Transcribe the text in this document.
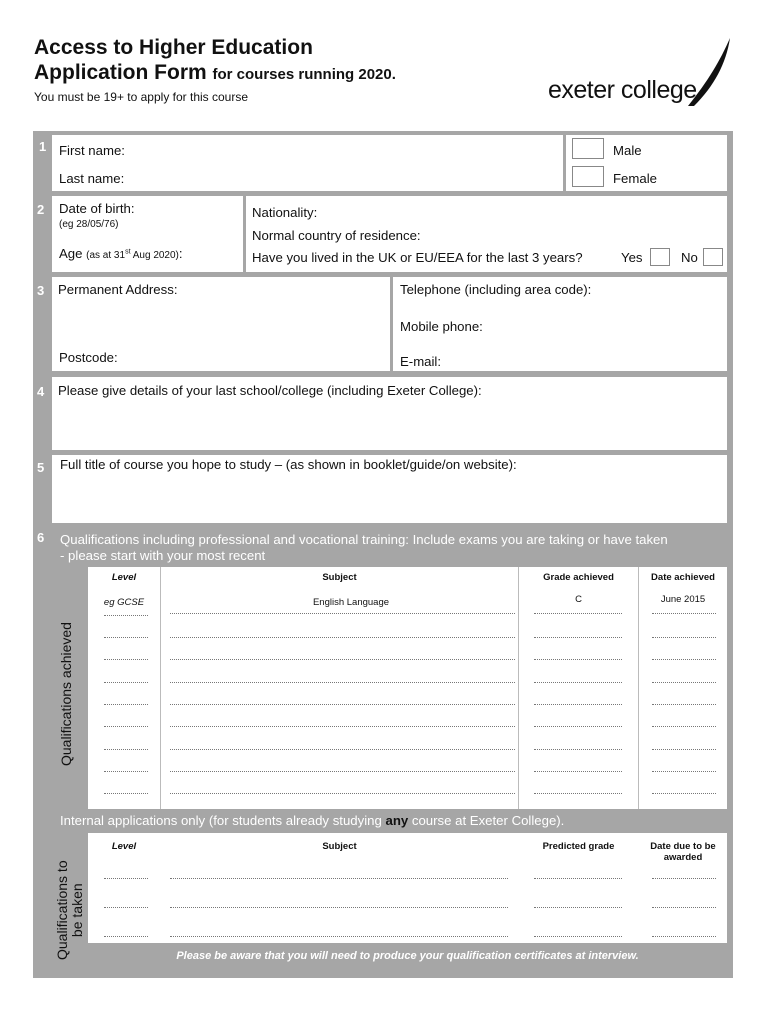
Access to Higher Education
Application Form for courses running 2020.
You must be 19+ to apply for this course	exeter college
1 First name:
Last name:
Male
Female
2 Date of birth:
(eg 28/05/76)
Age (as at 31st Aug 2020):
Nationality:
Normal country of residence:
Have you lived in the UK or EU/EEA for the last 3 years?	Yes	No
3 Permanent Address:
Postcode:
Telephone (including area code):
Mobile phone:
E-mail:
4 Please give details of your last school/college (including Exeter College):
5 Full title of course you hope to study – (as shown in booklet/guide/on website):
6 Qualifications including professional and vocational training: Include exams you are taking or have taken
- please start with your most recent
Qualifications achieved
Level	Subject	Grade achieved	Date achieved
eg GCSE	English Language	C	June 2015
Internal applications only (for students already studying any course at Exeter College).
Qualifications to be taken
Level	Subject	Predicted grade	Date due to be
awarded
Please be aware that you will need to produce your qualification certificates at interview.
